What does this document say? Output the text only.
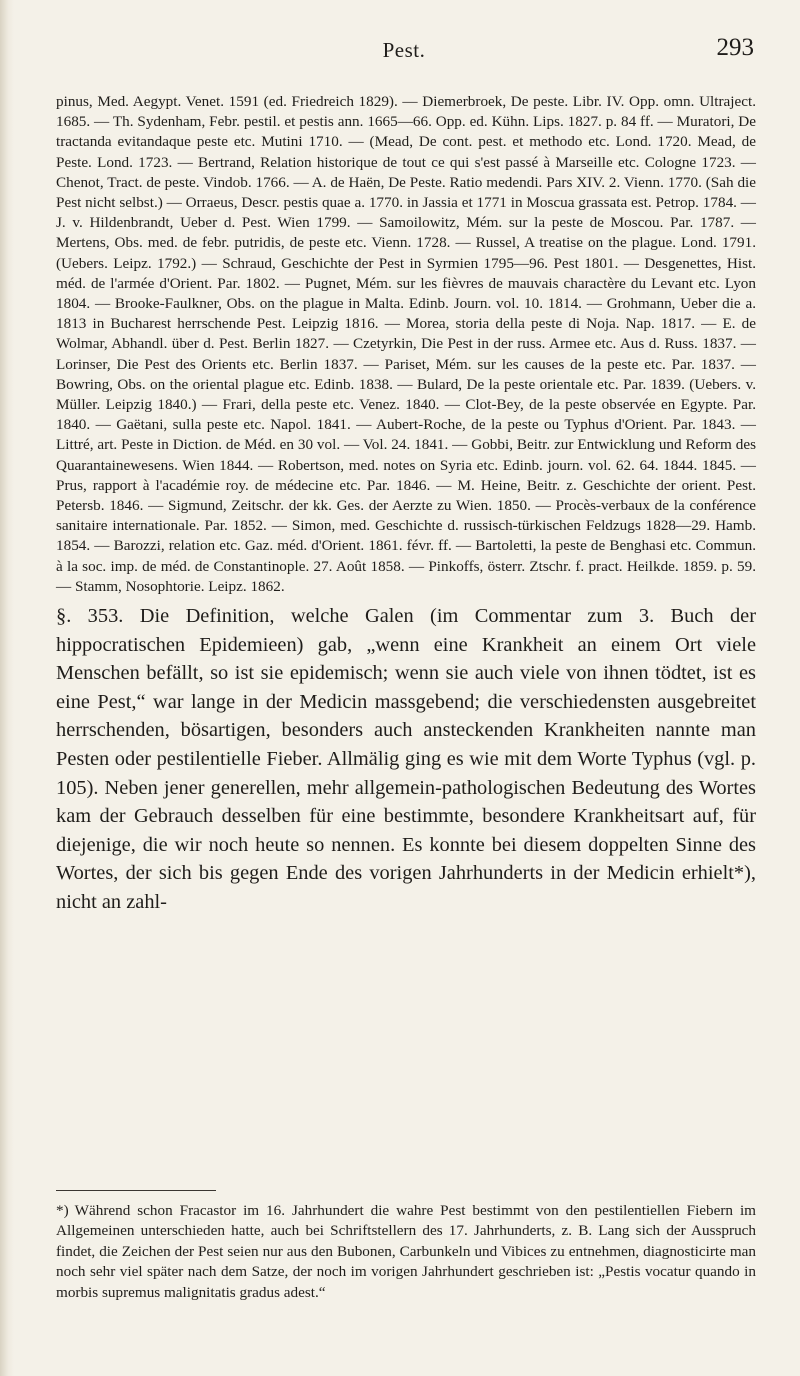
Pest.	293
pinus, Med. Aegypt. Venet. 1591 (ed. Friedreich 1829). — Diemerbroek, De peste. Libr. IV. Opp. omn. Ultraject. 1685. — Th. Sydenham, Febr. pestil. et pestis ann. 1665—66. Opp. ed. Kühn. Lips. 1827. p. 84 ff. — Muratori, De tractanda evitandaque peste etc. Mutini 1710. — (Mead, De cont. pest. et methodo etc. Lond. 1720. Mead, de Peste. Lond. 1723. — Bertrand, Relation historique de tout ce qui s'est passé à Marseille etc. Cologne 1723. — Chenot, Tract. de peste. Vindob. 1766. — A. de Haën, De Peste. Ratio medendi. Pars XIV. 2. Vienn. 1770. (Sah die Pest nicht selbst.) — Orraeus, Descr. pestis quae a. 1770. in Jassia et 1771 in Moscua grassata est. Petrop. 1784. — J. v. Hildenbrandt, Ueber d. Pest. Wien 1799. — Samoilowitz, Mém. sur la peste de Moscou. Par. 1787. — Mertens, Obs. med. de febr. putridis, de peste etc. Vienn. 1728. — Russel, A treatise on the plague. Lond. 1791. (Uebers. Leipz. 1792.) — Schraud, Geschichte der Pest in Syrmien 1795—96. Pest 1801. — Desgenettes, Hist. méd. de l'armée d'Orient. Par. 1802. — Pugnet, Mém. sur les fièvres de mauvais charactère du Levant etc. Lyon 1804. — Brooke-Faulkner, Obs. on the plague in Malta. Edinb. Journ. vol. 10. 1814. — Grohmann, Ueber die a. 1813 in Bucharest herrschende Pest. Leipzig 1816. — Morea, storia della peste di Noja. Nap. 1817. — E. de Wolmar, Abhandl. über d. Pest. Berlin 1827. — Czetyrkin, Die Pest in der russ. Armee etc. Aus d. Russ. 1837. — Lorinser, Die Pest des Orients etc. Berlin 1837. — Pariset, Mém. sur les causes de la peste etc. Par. 1837. — Bowring, Obs. on the oriental plague etc. Edinb. 1838. — Bulard, De la peste orientale etc. Par. 1839. (Uebers. v. Müller. Leipzig 1840.) — Frari, della peste etc. Venez. 1840. — Clot-Bey, de la peste observée en Egypte. Par. 1840. — Gaëtani, sulla peste etc. Napol. 1841. — Aubert-Roche, de la peste ou Typhus d'Orient. Par. 1843. — Littré, art. Peste in Diction. de Méd. en 30 vol. — Vol. 24. 1841. — Gobbi, Beitr. zur Entwicklung und Reform des Quarantainewesens. Wien 1844. — Robertson, med. notes on Syria etc. Edinb. journ. vol. 62. 64. 1844. 1845. — Prus, rapport à l'académie roy. de médecine etc. Par. 1846. — M. Heine, Beitr. z. Geschichte der orient. Pest. Petersb. 1846. — Sigmund, Zeitschr. der kk. Ges. der Aerzte zu Wien. 1850. — Procès-verbaux de la conférence sanitaire internationale. Par. 1852. — Simon, med. Geschichte d. russisch-türkischen Feldzugs 1828—29. Hamb. 1854. — Barozzi, relation etc. Gaz. méd. d'Orient. 1861. févr. ff. — Bartoletti, la peste de Benghasi etc. Commun. à la soc. imp. de méd. de Constantinople. 27. Août 1858. — Pinkoffs, österr. Ztschr. f. pract. Heilkde. 1859. p. 59. — Stamm, Nosophtorie. Leipz. 1862.
§. 353. Die Definition, welche Galen (im Commentar zum 3. Buch der hippocratischen Epidemieen) gab, „wenn eine Krankheit an einem Ort viele Menschen befällt, so ist sie epidemisch; wenn sie auch viele von ihnen tödtet, ist es eine Pest,“ war lange in der Medicin massgebend; die verschiedensten ausgebreitet herrschenden, bösartigen, besonders auch ansteckenden Krankheiten nannte man Pesten oder pestilentielle Fieber. Allmälig ging es wie mit dem Worte Typhus (vgl. p. 105). Neben jener generellen, mehr allgemein-pathologischen Bedeutung des Wortes kam der Gebrauch desselben für eine bestimmte, besondere Krankheitsart auf, für diejenige, die wir noch heute so nennen. Es konnte bei diesem doppelten Sinne des Wortes, der sich bis gegen Ende des vorigen Jahrhunderts in der Medicin erhielt*), nicht an zahl-
*) Während schon Fracastor im 16. Jahrhundert die wahre Pest bestimmt von den pestilentiellen Fiebern im Allgemeinen unterschieden hatte, auch bei Schriftstellern des 17. Jahrhunderts, z. B. Lang sich der Ausspruch findet, die Zeichen der Pest seien nur aus den Bubonen, Carbunkeln und Vibices zu entnehmen, diagnosticirte man noch sehr viel später nach dem Satze, der noch im vorigen Jahrhundert geschrieben ist: „Pestis vocatur quando in morbis supremus malignitatis gradus adest.“
